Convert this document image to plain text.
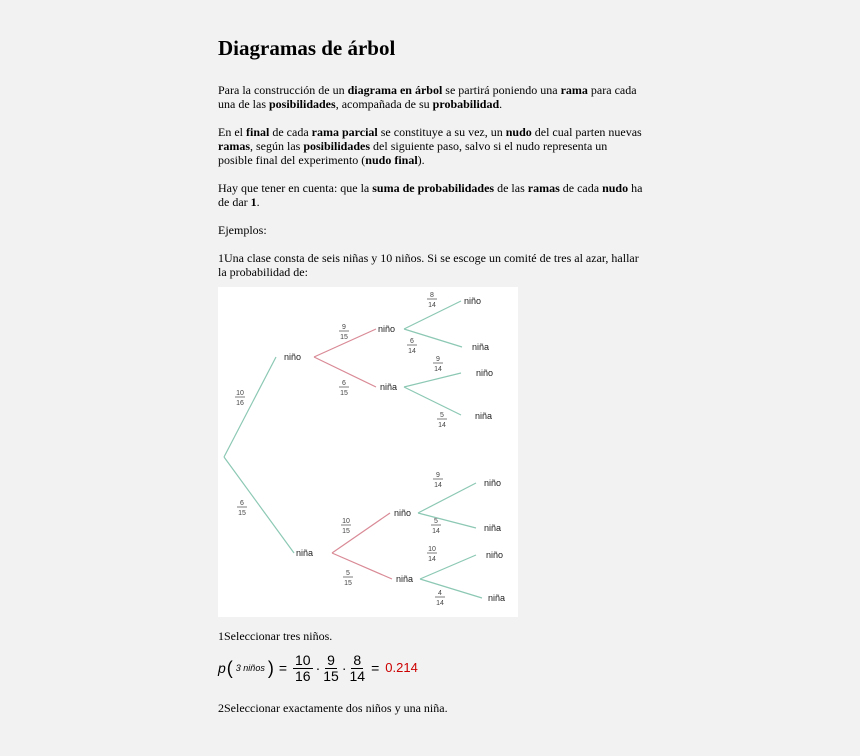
Diagramas de árbol

Para la construcción de un diagrama en árbol se partirá poniendo una rama para cada una de las posibilidades, acompañada de su probabilidad.

En el final de cada rama parcial se constituye a su vez, un nudo del cual parten nuevas ramas, según las posibilidades del siguiente paso, salvo si el nudo representa un posible final del experimento (nudo final).

Hay que tener en cuenta: que la suma de probabilidades de las ramas de cada nudo ha de dar 1.

Ejemplos:

1Una clase consta de seis niñas y 10 niños. Si se escoge un comité de tres al azar, hallar la probabilidad de:

niño
10
16
niña
6
15
niño
9
15
niña
6
15
niño
10
15
niña
5
15
niño
8
14
niña
6
14
niño
9
14
niña
5
14
niño
9
14
niña
5
14
niño
10
14
niña
4
14

1Seleccionar tres niños.

p ( 3 niños ) = $\frac{10}{16} \cdot \frac{9}{15} \cdot \frac{8}{14} = 0.214$

2Seleccionar exactamente dos niños y una niña.
